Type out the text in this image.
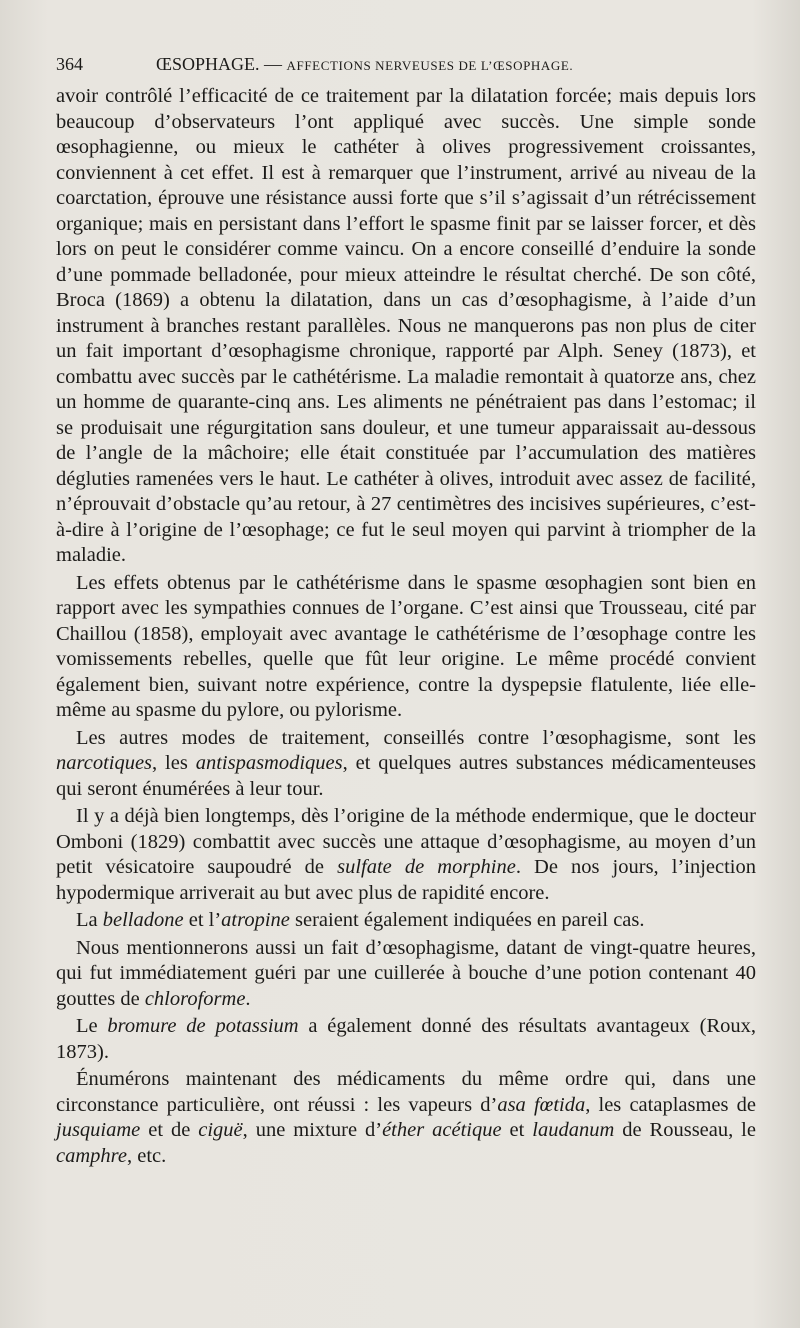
364	ŒSOPHAGE. — AFFECTIONS NERVEUSES DE L’ŒSOPHAGE.

avoir contrôlé l’efficacité de ce traitement par la dilatation forcée; mais depuis lors beaucoup d’observateurs l’ont appliqué avec succès. Une simple sonde œsophagienne, ou mieux le cathéter à olives progressivement croissantes, conviennent à cet effet. Il est à remarquer que l’instrument, arrivé au niveau de la coarctation, éprouve une résistance aussi forte que s’il s’agissait d’un rétrécissement organique; mais en persistant dans l’effort le spasme finit par se laisser forcer, et dès lors on peut le considérer comme vaincu. On a encore conseillé d’enduire la sonde d’une pommade belladonée, pour mieux atteindre le résultat cherché. De son côté, Broca (1869) a obtenu la dilatation, dans un cas d’œsophagisme, à l’aide d’un instrument à branches restant parallèles. Nous ne manquerons pas non plus de citer un fait important d’œsophagisme chronique, rapporté par Alph. Seney (1873), et combattu avec succès par le cathétérisme. La maladie remontait à quatorze ans, chez un homme de quarante-cinq ans. Les aliments ne pénétraient pas dans l’estomac; il se produisait une régurgitation sans douleur, et une tumeur apparaissait au-dessous de l’angle de la mâchoire; elle était constituée par l’accumulation des matières dégluties ramenées vers le haut. Le cathéter à olives, introduit avec assez de facilité, n’éprouvait d’obstacle qu’au retour, à 27 centimètres des incisives supérieures, c’est-à-dire à l’origine de l’œsophage; ce fut le seul moyen qui parvint à triompher de la maladie.

Les effets obtenus par le cathétérisme dans le spasme œsophagien sont bien en rapport avec les sympathies connues de l’organe. C’est ainsi que Trousseau, cité par Chaillou (1858), employait avec avantage le cathétérisme de l’œsophage contre les vomissements rebelles, quelle que fût leur origine. Le même procédé convient également bien, suivant notre expérience, contre la dyspepsie flatulente, liée elle-même au spasme du pylore, ou pylorisme.

Les autres modes de traitement, conseillés contre l’œsophagisme, sont les narcotiques, les antispasmodiques, et quelques autres substances médicamenteuses qui seront énumérées à leur tour.

Il y a déjà bien longtemps, dès l’origine de la méthode endermique, que le docteur Omboni (1829) combattit avec succès une attaque d’œsophagisme, au moyen d’un petit vésicatoire saupoudré de sulfate de morphine. De nos jours, l’injection hypodermique arriverait au but avec plus de rapidité encore.

La belladone et l’atropine seraient également indiquées en pareil cas.

Nous mentionnerons aussi un fait d’œsophagisme, datant de vingt-quatre heures, qui fut immédiatement guéri par une cuillerée à bouche d’une potion contenant 40 gouttes de chloroforme.

Le bromure de potassium a également donné des résultats avantageux (Roux, 1873).

Énumérons maintenant des médicaments du même ordre qui, dans une circonstance particulière, ont réussi : les vapeurs d’asa fœtida, les cataplasmes de jusquiame et de ciguë, une mixture d’éther acétique et laudanum de Rousseau, le camphre, etc.
